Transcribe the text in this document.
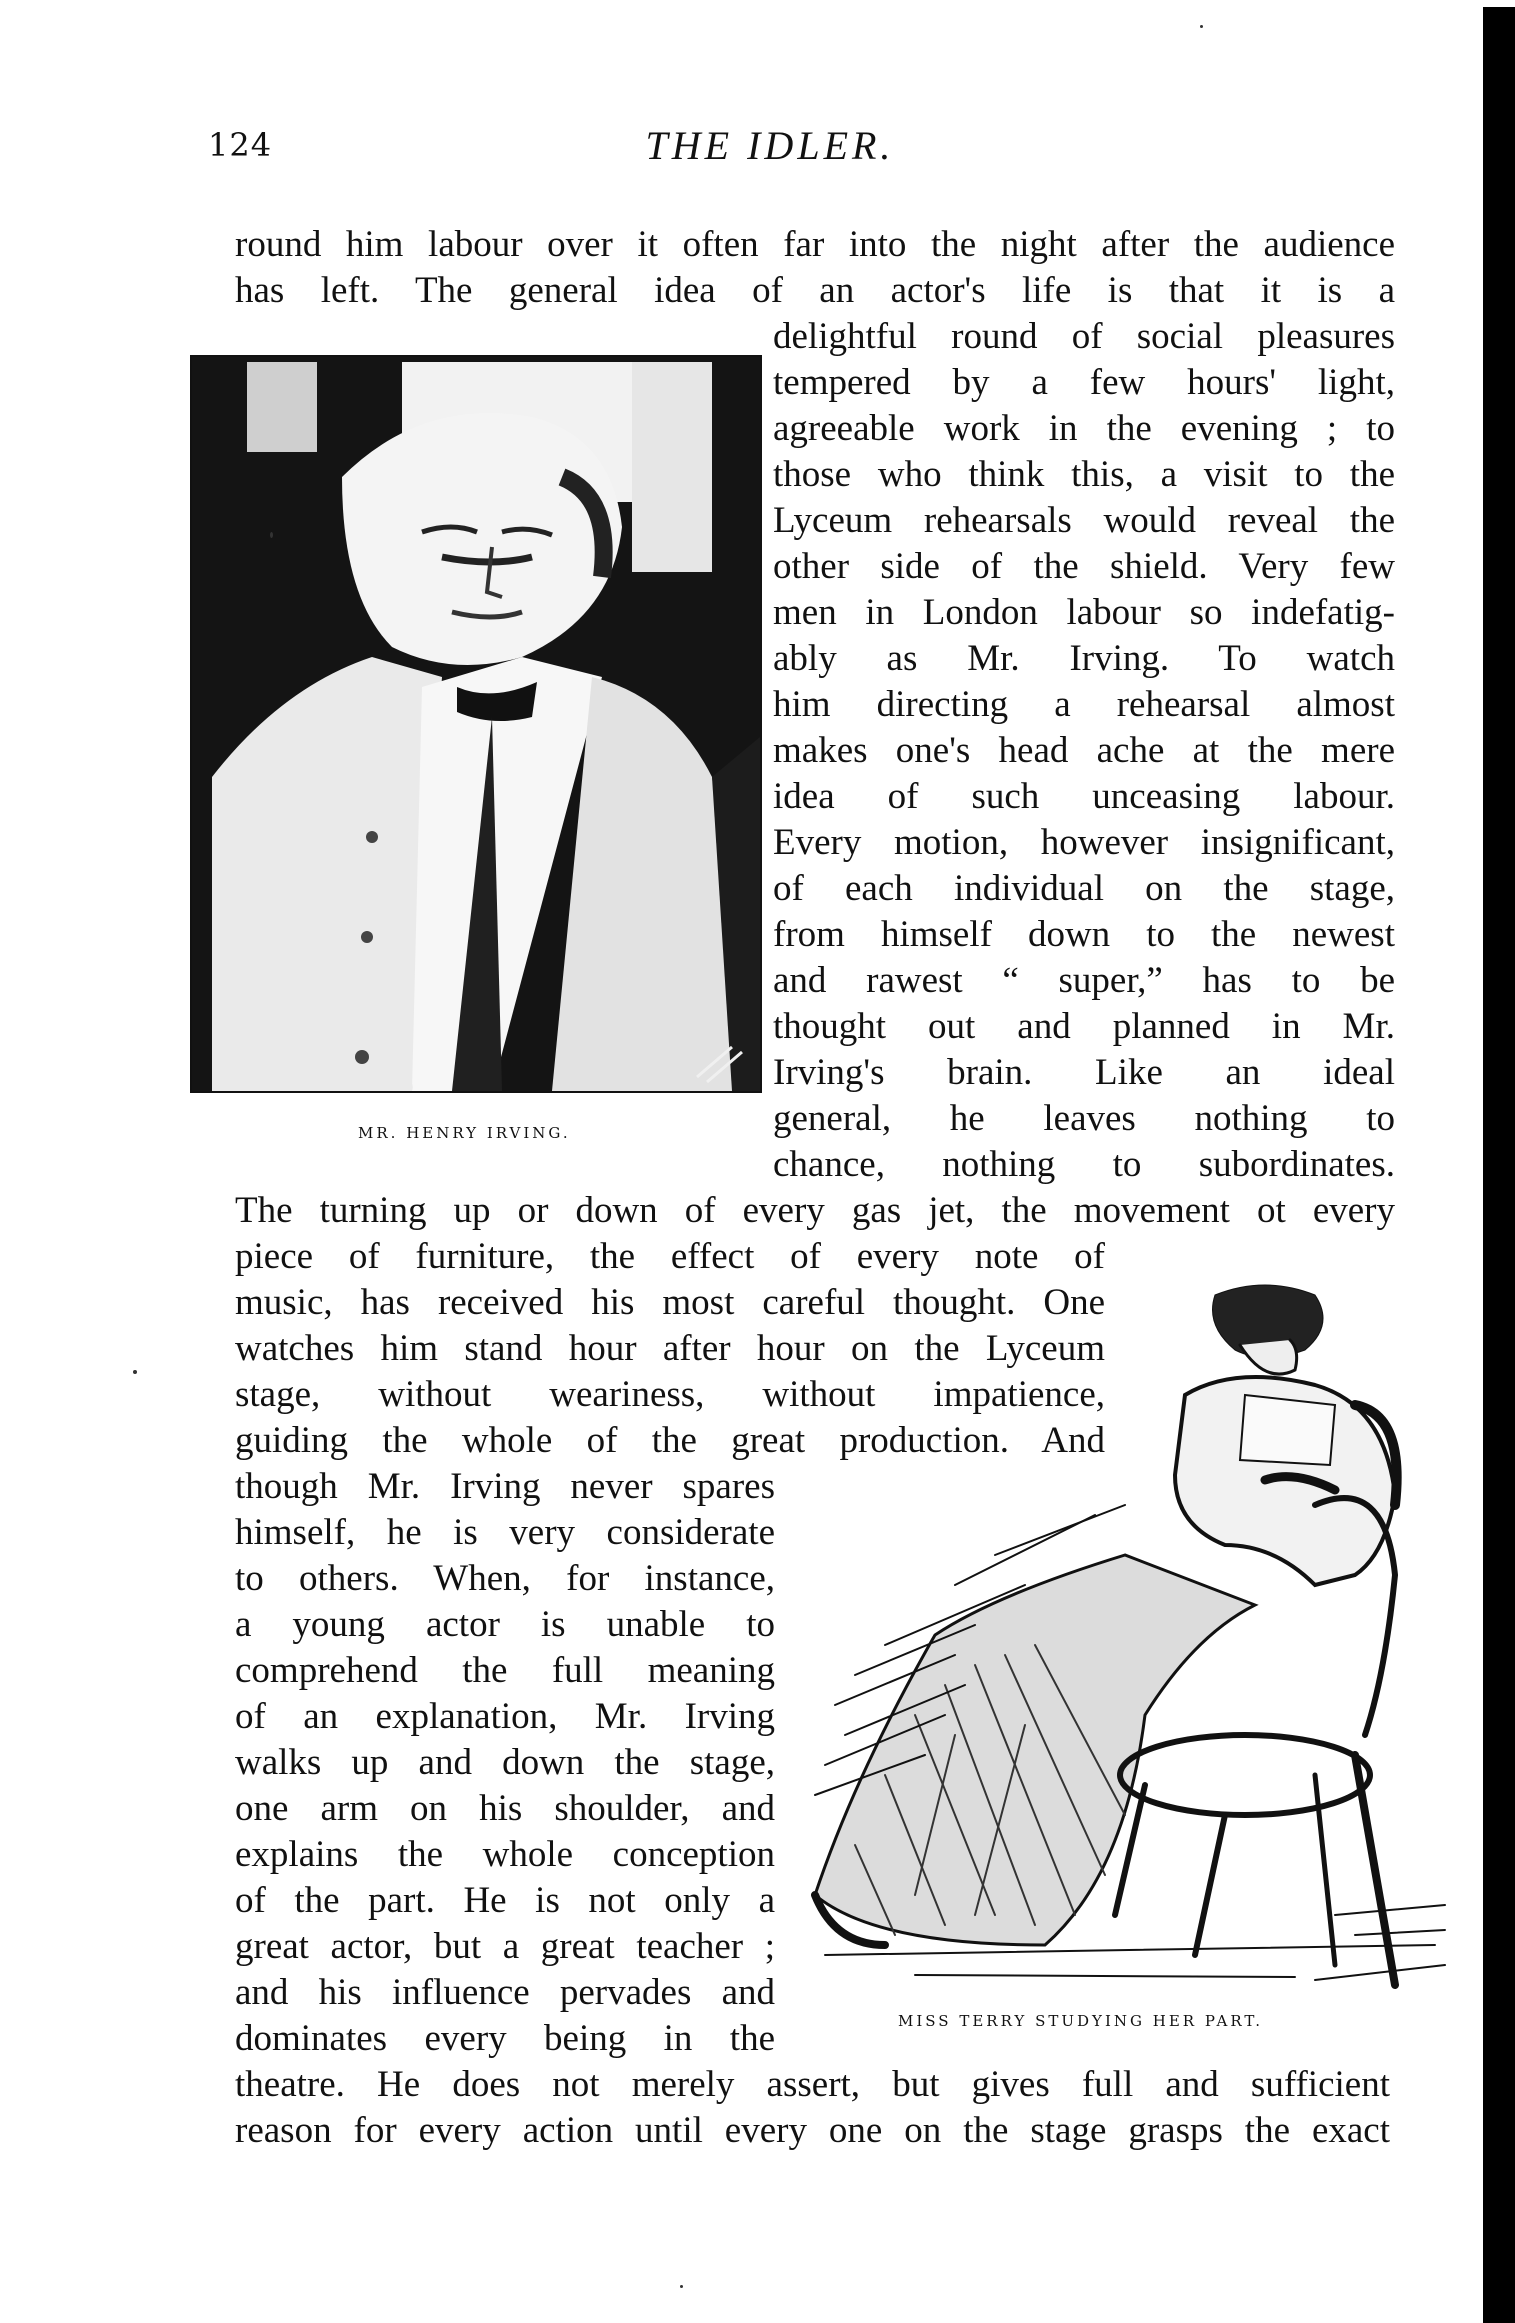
124	THE IDLER.
round him labour over it often far into the night after the audience
has left. The general idea of an actor's life is that it is a
delightful round of social pleasures
tempered by a few hours' light,
agreeable work in the evening ; to
those who think this, a visit to the
Lyceum rehearsals would reveal the
other side of the shield. Very few
men in London labour so indefatig-
ably as Mr. Irving. To watch
him directing a rehearsal almost
makes one's head ache at the mere
idea of such unceasing labour.
Every motion, however insignificant,
of each individual on the stage,
from himself down to the newest
and rawest “ super,” has to be
thought out and planned in Mr.
Irving's brain. Like an ideal
general, he leaves nothing to
chance, nothing to subordinates.
MR. HENRY IRVING.
The turning up or down of every gas jet, the movement ot every
piece of furniture, the effect of every note of
music, has received his most careful thought. One
watches him stand hour after hour on the Lyceum
stage, without weariness, without impatience,
guiding the whole of the great production. And
though Mr. Irving never spares
himself, he is very considerate
to others. When, for instance,
a young actor is unable to
comprehend the full meaning
of an explanation, Mr. Irving
walks up and down the stage,
one arm on his shoulder, and
explains the whole conception
of the part. He is not only a
great actor, but a great teacher ;
and his influence pervades and
dominates every being in the	MISS TERRY STUDYING HER PART.
theatre. He does not merely assert, but gives full and sufficient
reason for every action until every one on the stage grasps the exact
